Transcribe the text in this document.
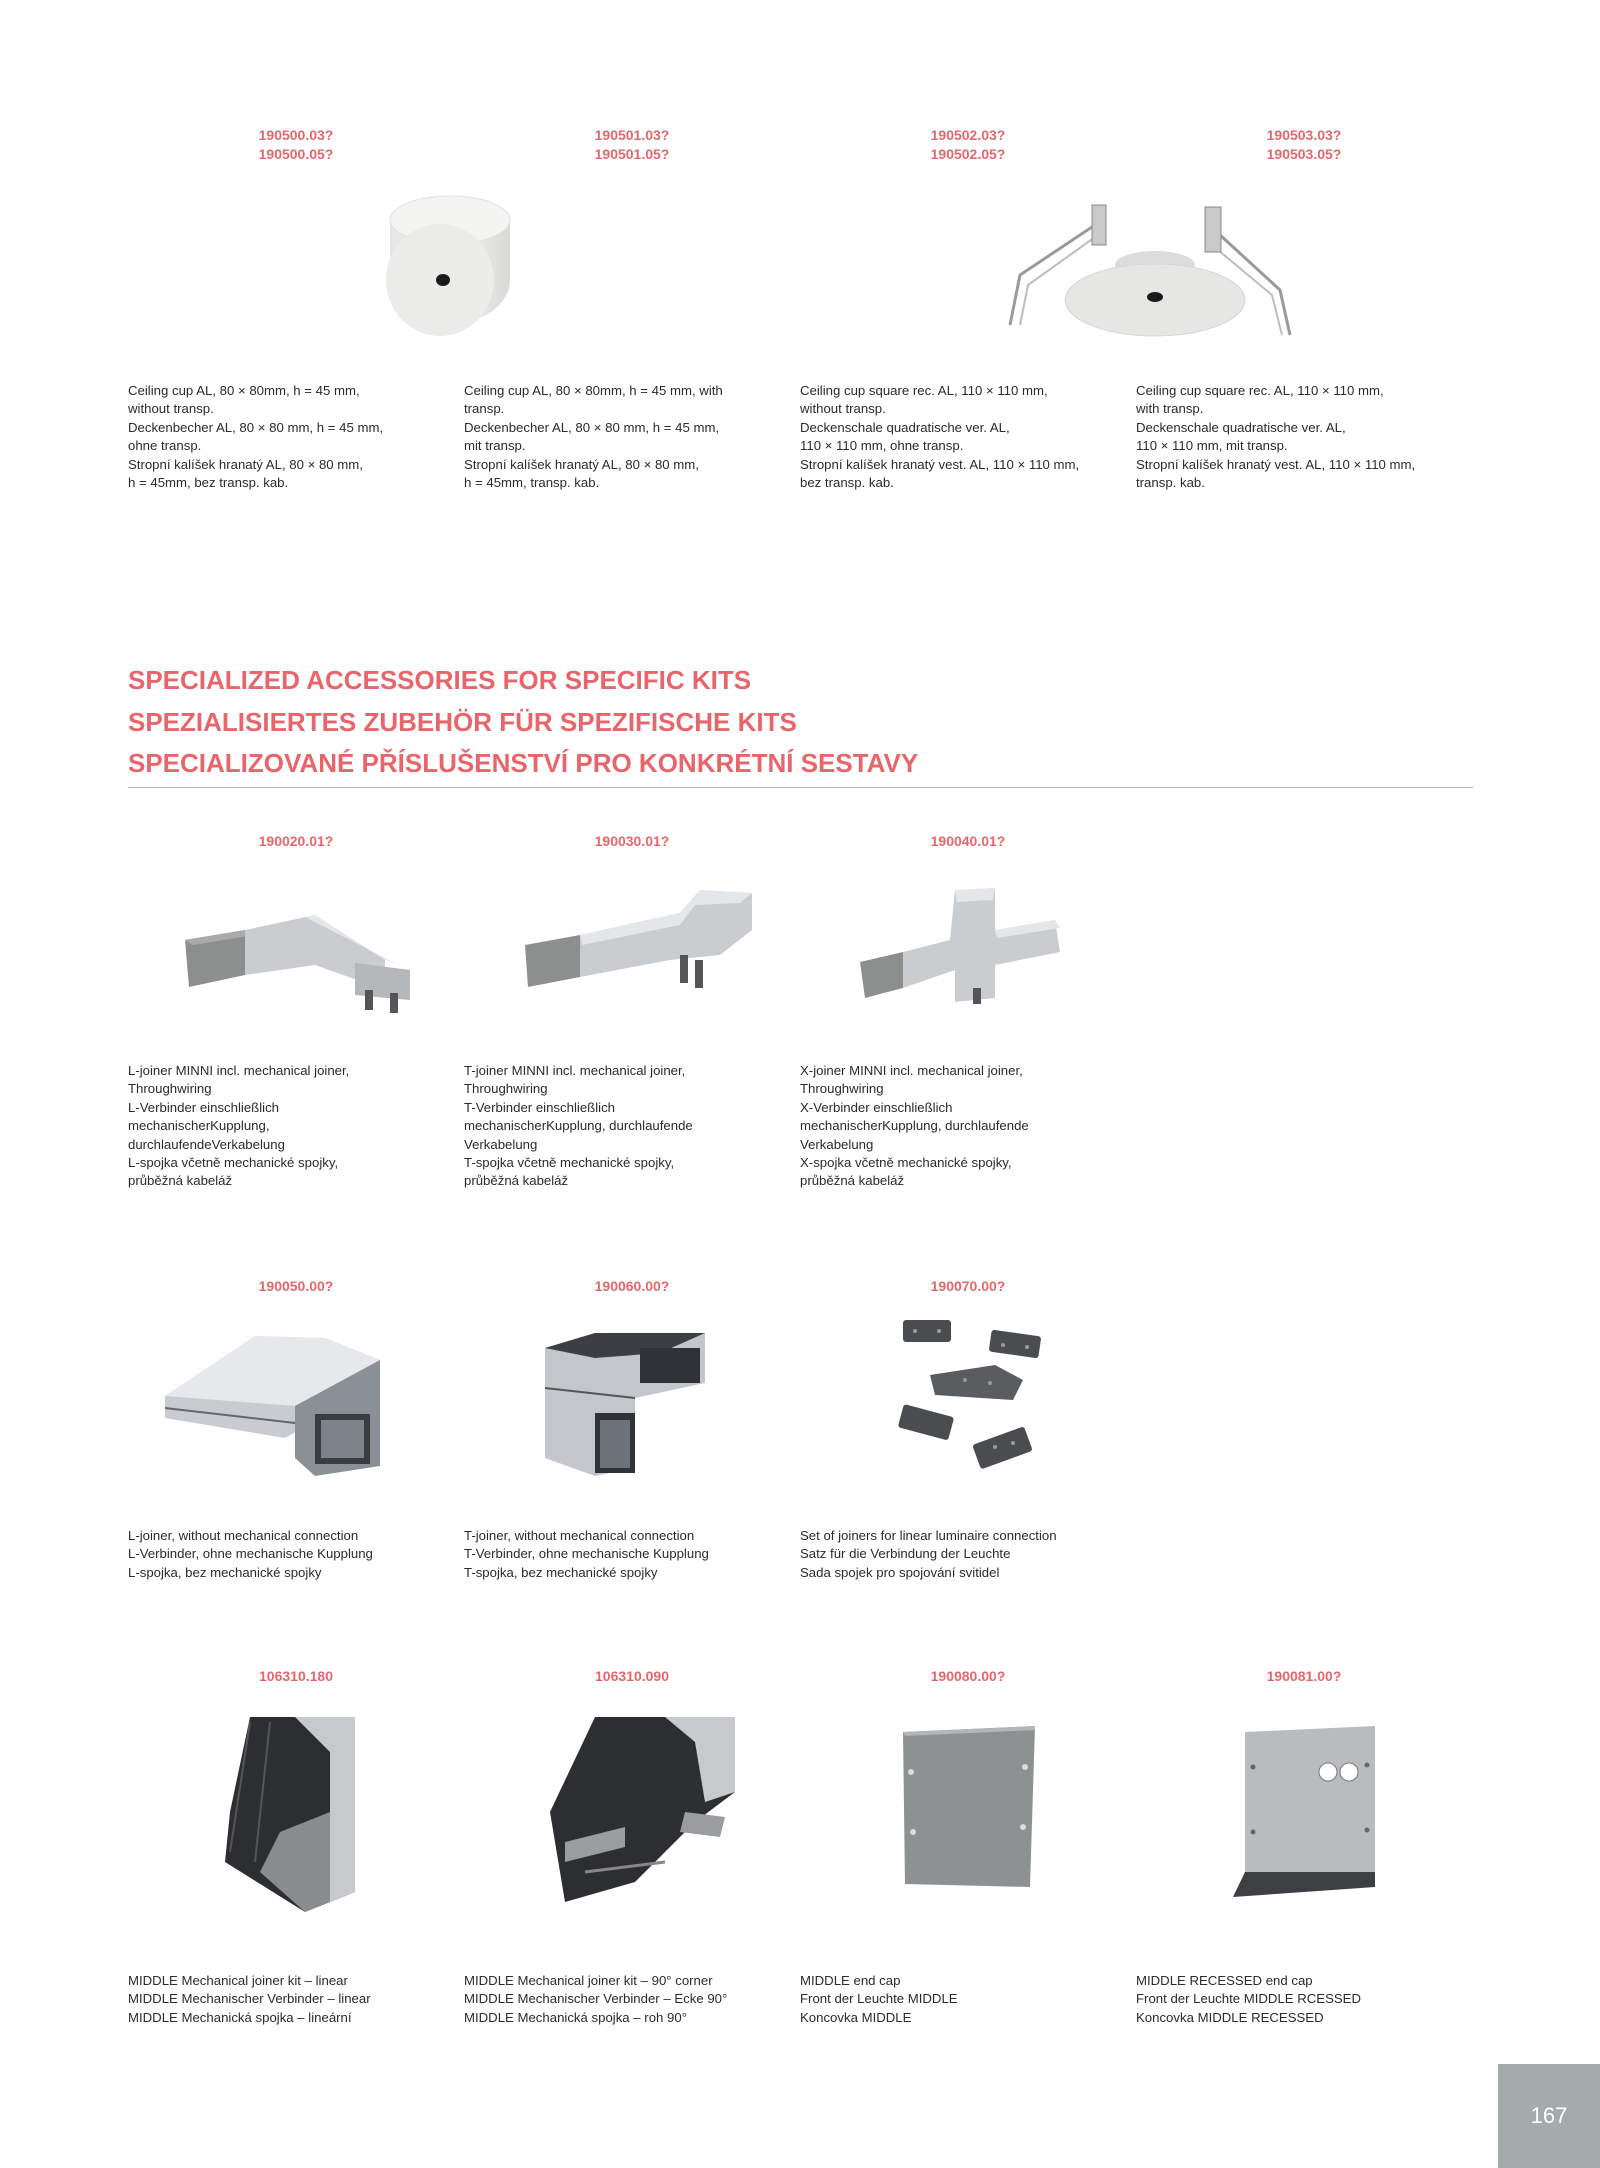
190500.03?
190500.05?
190501.03?
190501.05?
190502.03?
190502.05?
190503.03?
190503.05?
Ceiling cup AL, 80 × 80mm, h = 45 mm,
without transp.
Deckenbecher AL, 80 × 80 mm, h = 45 mm,
ohne transp.
Stropní kalíšek hranatý AL, 80 × 80 mm,
h = 45mm, bez transp. kab.
Ceiling cup AL, 80 × 80mm, h = 45 mm, with
transp.
Deckenbecher AL, 80 × 80 mm, h = 45 mm,
mit transp.
Stropní kalíšek hranatý AL, 80 × 80 mm,
h = 45mm, transp. kab.
Ceiling cup square rec. AL, 110 × 110 mm,
without transp.
Deckenschale quadratische ver. AL,
110 × 110 mm, ohne transp.
Stropní kalíšek hranatý vest. AL, 110 × 110 mm,
bez transp. kab.
Ceiling cup square rec. AL, 110 × 110 mm,
with transp.
Deckenschale quadratische ver. AL,
110 × 110 mm, mit transp.
Stropní kalíšek hranatý vest. AL, 110 × 110 mm,
transp. kab.
SPECIALIZED ACCESSORIES FOR SPECIFIC KITS
SPEZIALISIERTES ZUBEHÖR FÜR SPEZIFISCHE KITS
SPECIALIZOVANÉ PŘÍSLUŠENSTVÍ PRO KONKRÉTNÍ SESTAVY
190020.01?	190030.01?	190040.01?
L-joiner MINNI incl. mechanical joiner,
Throughwiring
L-Verbinder einschließlich
mechanischerKupplung,
durchlaufendeVerkabelung
L-spojka včetně mechanické spojky,
průběžná kabeláž
T-joiner MINNI incl. mechanical joiner,
Throughwiring
T-Verbinder einschließlich
mechanischerKupplung, durchlaufende
Verkabelung
T-spojka včetně mechanické spojky,
průběžná kabeláž
X-joiner MINNI incl. mechanical joiner,
Throughwiring
X-Verbinder einschließlich
mechanischerKupplung, durchlaufende
Verkabelung
X-spojka včetně mechanické spojky,
průběžná kabeláž
190050.00?	190060.00?	190070.00?
L-joiner, without mechanical connection
L-Verbinder, ohne mechanische Kupplung
L-spojka, bez mechanické spojky
T-joiner, without mechanical connection
T-Verbinder, ohne mechanische Kupplung
T-spojka, bez mechanické spojky
Set of joiners for linear luminaire connection
Satz für die Verbindung der Leuchte
Sada spojek pro spojování svitidel
106310.180	106310.090	190080.00?	190081.00?
MIDDLE Mechanical joiner kit – linear
MIDDLE Mechanischer Verbinder – linear
MIDDLE Mechanická spojka – lineární
MIDDLE Mechanical joiner kit – 90° corner
MIDDLE Mechanischer Verbinder – Ecke 90°
MIDDLE Mechanická spojka – roh 90°
MIDDLE end cap
Front der Leuchte MIDDLE
Koncovka MIDDLE
MIDDLE RECESSED end cap
Front der Leuchte MIDDLE RCESSED
Koncovka MIDDLE RECESSED
167
